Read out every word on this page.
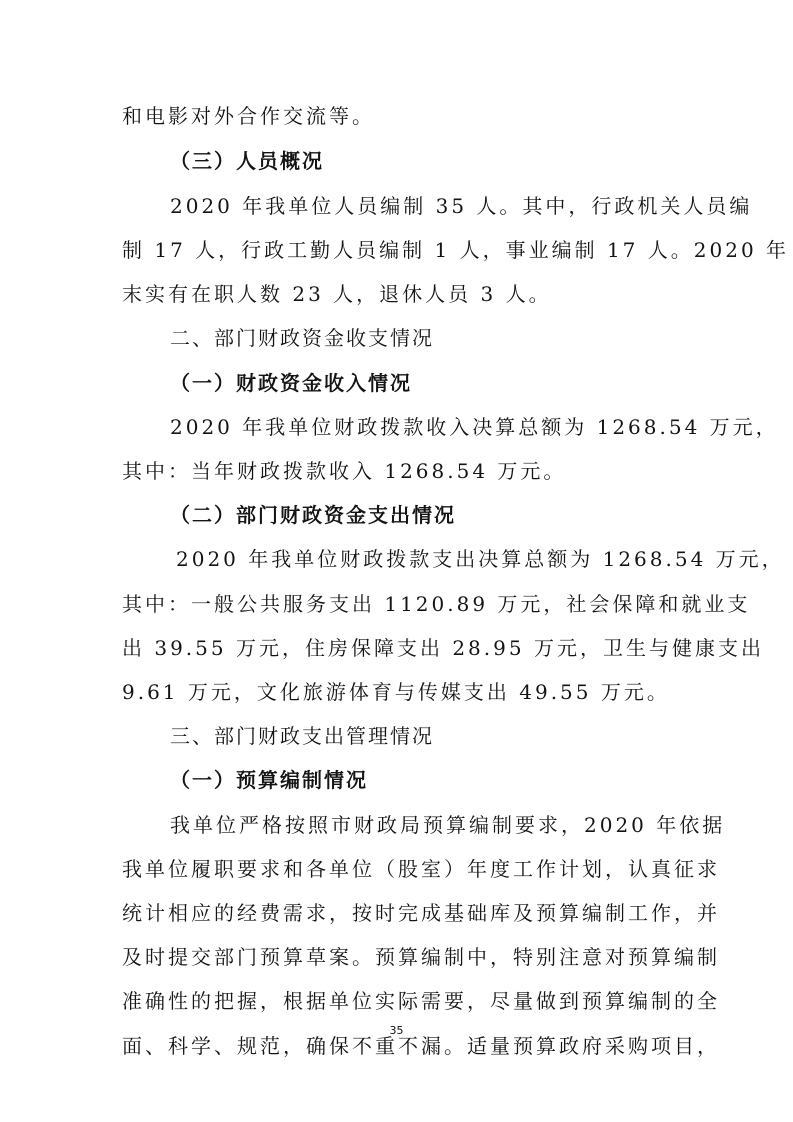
和电影对外合作交流等。
（三）人员概况
2020 年我单位人员编制 35 人。其中，行政机关人员编
制 17 人，行政工勤人员编制 1 人，事业编制 17 人。2020 年
末实有在职人数 23 人，退休人员 3 人。
二、部门财政资金收支情况
（一）财政资金收入情况
2020 年我单位财政拨款收入决算总额为 1268.54 万元，
其中：当年财政拨款收入 1268.54 万元。
（二）部门财政资金支出情况
2020 年我单位财政拨款支出决算总额为 1268.54 万元，
其中：一般公共服务支出 1120.89 万元，社会保障和就业支
出 39.55 万元，住房保障支出 28.95 万元，卫生与健康支出
9.61 万元，文化旅游体育与传媒支出 49.55 万元。
三、部门财政支出管理情况
（一）预算编制情况
我单位严格按照市财政局预算编制要求，2020 年依据
我单位履职要求和各单位（股室）年度工作计划，认真征求
统计相应的经费需求，按时完成基础库及预算编制工作，并
及时提交部门预算草案。预算编制中，特别注意对预算编制
准确性的把握，根据单位实际需要，尽量做到预算编制的全
面、科学、规范，确保不重不漏。适量预算政府采购项目，
35
